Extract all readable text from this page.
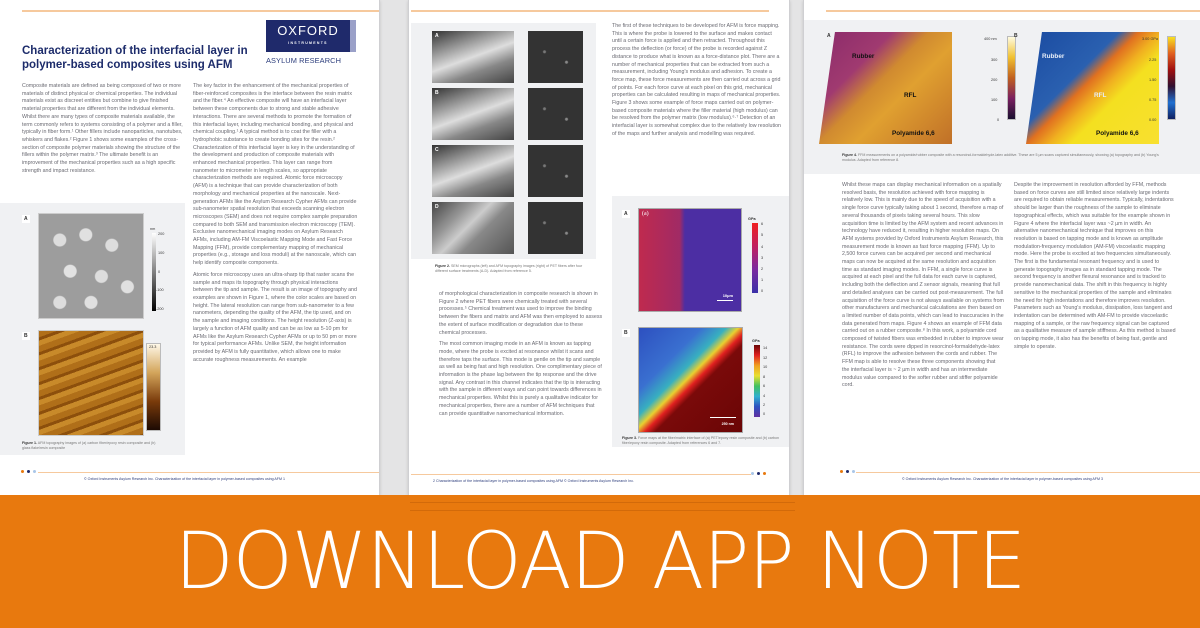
Characterization of the interfacial layer in polymer-based composites using AFM
OXFORD
INSTRUMENTS
ASYLUM RESEARCH

Composite materials are defined as being composed of two or more materials of distinct physical or chemical properties. The individual materials exist as discreet entities but combine to give finished material properties that are different from the individual elements. Whilst there are many types of composite materials available, the term commonly refers to systems consisting of a polymer and a filler, typically in fiber form.¹ Other fillers include nanoparticles, nanotubes, whiskers and flakes.² Figure 1 shows some examples of the cross-section of composite polymer materials showing the structure of the fillers within the polymer matrix.³ The ultimate benefit is an improvement of the mechanical properties such as a high specific strength and impact resistance.

The key factor in the enhancement of the mechanical properties of fiber-reinforced composites is the interface between the resin matrix and the fiber.⁴ An effective composite will have an interfacial layer between these components due to strong and stable adhesive interactions. There are several methods to promote the formation of this interfacial layer, including mechanical bonding, and physical and chemical coupling.¹ A typical method is to coat the filler with a hydrophobic substance to create bonding sites for the resin.² Characterization of this interfacial layer is key in the understanding of the development and production of composite materials with enhanced mechanical properties. This layer can range from nanometer to micrometer in length scales, so appropriate characterization methods are required. Atomic force microscopy (AFM) is a technique that can provide characterization of both morphology and mechanical properties at the nanoscale. Next-generation AFMs like the Asylum Research Cypher AFMs can provide sub-nanometer spatial resolution that exceeds scanning electron microscopes (SEM) and does not require complex sample preparation compared to both SEM and transmission electron microscopy (TEM). Exclusive nanomechanical imaging modes on Asylum Research AFMs, including AM-FM Viscoelastic Mapping Mode and Fast Force Mapping (FFM), provide complementary mapping of mechanical properties (e.g., storage and loss moduli) at the nanoscale, which can help identify composite components.

Atomic force microscopy uses an ultra-sharp tip that raster scans the sample and maps its topography through physical interactions between the tip and sample. The result is an image of topography and examples are shown in Figure 1, where the color scales are based on height. The lateral resolution can range from sub-nanometer to a few nanometers, depending the quality of the AFM, the tip used, and on the sample and imaging conditions. The height resolution (Z-axis) is largely a function of AFM quality and can be as low as 5-10 pm for AFMs like the Asylum Research Cypher AFMs or up to 50 pm or more for typical performance AFMs. Unlike SEM, the height information provided by AFM is fully quantitative, which allows one to make accurate roughness measurements. An example

A
nm
200
100
0
-100
-200
B
23.3
Figure 1. AFM topography images of (a) carbon fiber/epoxy resin composite and (b) glass flake/resin composite
© Oxford Instruments Asylum Research Inc. Characterization of the interfacial layer in polymer-based composites using AFM 1
A
B
C
D
Figure 2. SEM micrographs (left) and AFM topography images (right) of PET fibers after four different surface treatments (A-D). Adapted from reference 5.

The first of these techniques to be developed for AFM is force mapping. This is where the probe is lowered to the surface and makes contact until a certain force is applied and then retracted. Throughout this process the deflection (or force) of the probe is recorded against Z distance to produce what is known as a force-distance plot. There are a number of mechanical properties that can be extracted from such a measurement, including Young's modulus and adhesion. To create a force map, these force measurements are then carried out across a grid of points. For each force curve at each pixel on this grid, mechanical properties can be calculated resulting in maps of mechanical properties. Figure 3 shows some example of force maps carried out on polymer-based composite materials where the filler material (high modulus) can be resolved from the polymer matrix (low modulus).⁶·⁷ Detection of an interfacial layer is somewhat complex due to the relatively low resolution of the maps and further analysis and modelling was required.

of morphological characterization in composite research is shown in Figure 2 where PET fibers were chemically treated with several processes.⁵ Chemical treatment was used to improve the binding between the fibers and matrix and AFM was then employed to assess the extent of surface modification or degradation due to these chemical processes.

The most common imaging mode in an AFM is known as tapping mode, where the probe is excited at resonance whilst it scans and therefore taps the surface. This mode is gentle on the tip and sample as well as being fast and high resolution. One complimentary piece of information is the phase lag between the tip response and the drive signal. Any contrast in this channel indicates that the tip is interacting with the sample in different ways and can point towards differences in mechanical properties. Whilst this is purely a qualitative indicator for mechanical properties, there are a number of AFM techniques that can provide quantitative nanomechanical information.

A	(a)
10µm
GPa
6
5
4
3
2
1
0
B
250 nm
GPa
14
12
10
8
6
4
2
0
Figure 3. Force maps at the fiber/matrix interface of (a) PET/epoxy resin composite and (b) carbon fiber/epoxy resin composite. Adapted from references 6 and 7.
2 Characterization of the interfacial layer in polymer-based composites using AFM © Oxford Instruments Asylum Research Inc.
A
Rubber
RFL
Polyamide 6,6
400 nm
300
200
100
0
B
Rubber
RFL
Polyamide 6,6
3.00 GPa
2.25
1.50
0.75
0.00
Figure 4. FFM measurements on a polyamide/rubber composite with a resorcinol-formaldehyde-latex additive. These are 5 µm scans captured simultaneously, showing (a) topography and (b) Young's modulus. Adapted from reference 8.

Whilst these maps can display mechanical information on a spatially resolved basis, the resolution achieved with force mapping is relatively low. This is mainly due to the speed of acquisition with a single force curve typically taking about 1 second, therefore a map of several thousands of pixels taking several hours. This slow acquisition time is limited by the AFM system and recent advances in technology have reduced it, resulting in higher resolution maps. On AFM systems provided by Oxford Instruments Asylum Research, this measurement mode is known as fast force mapping (FFM). Up to 2,500 force curves can be acquired per second and mechanical maps can now be acquired at the same resolution and acquisition time as standard imaging modes. In FFM, a single force curve is acquired at each pixel and the full data for each curve is captured, including both the deflection and Z sensor signals, meaning that full and detailed analyses can be carried out post-measurement. The full acquisition of the force curve is not always available on systems from other manufacturers and mechanical calculations are then based on a limited number of data points, which can lead to inaccuracies in the data generated from maps. Figure 4 shows an example of FFM data carried out on a rubber composite.⁸ In this work, a polyamide cord composed of twisted fibers was embedded in rubber to improve wear resistance. The cords were dipped in resorcinol-formaldehyde-latex (RFL) to improve the adhesion between the cords and rubber. The FFM map is able to resolve these three components showing that the interfacial layer is ~ 2 µm in width and has an intermediate modulus value compared to the softer rubber and stiffer polyamide cord.

Despite the improvement in resolution afforded by FFM, methods based on force curves are still limited since relatively large indents are required to obtain reliable measurements. Typically, indentations should be larger than the roughness of the sample to eliminate topographical effects, which was suitable for the example shown in Figure 4 where the interfacial layer was ~2 µm in width. An alternative nanomechanical technique that improves on this resolution is based on tapping mode and is known as amplitude modulation-frequency modulation (AM-FM) viscoelastic mapping mode. Here the probe is excited at two frequencies simultaneously. The first is the fundamental resonant frequency and is used to generate topography images as in standard tapping mode. The second frequency is another flexural resonance and is tracked to provide nanomechanical data. The shift in this frequency is highly sensitive to the mechanical properties of the sample and eliminates the need for high indentations and therefore improves resolution. Parameters such as Young's modulus, dissipation, loss tangent and indentation can be determined with AM-FM to provide viscoelastic mapping of a sample, or the raw frequency signal can be captured as a qualitative measure of sample stiffness. As this method is based on tapping mode, it also has the benefits of being fast, gentle and simple to operate.

© Oxford Instruments Asylum Research Inc. Characterization of the interfacial layer in polymer-based composites using AFM 3
DOWNLOAD APP NOTE
